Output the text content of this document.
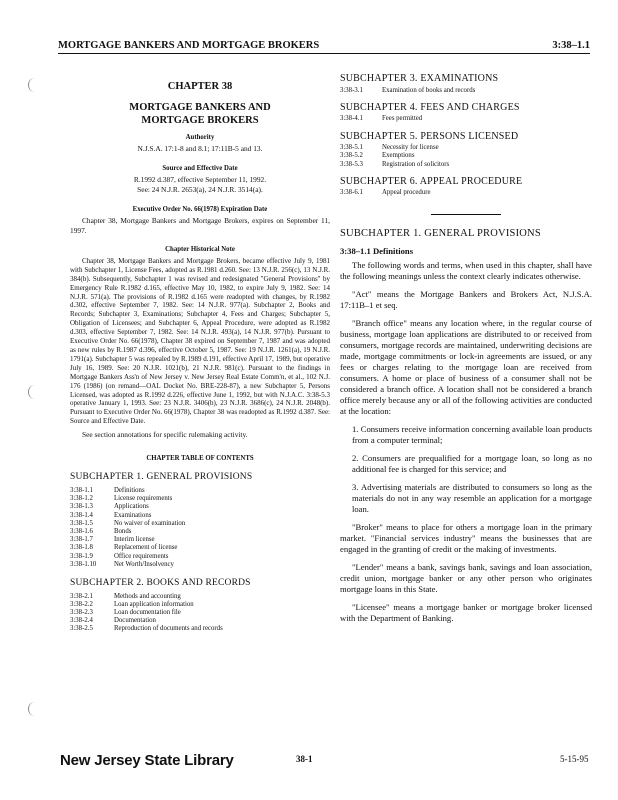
MORTGAGE BANKERS AND MORTGAGE BROKERS	3:38–1.1
CHAPTER 38
MORTGAGE BANKERS AND MORTGAGE BROKERS
Authority
N.J.S.A. 17:1-8 and 8.1; 17:11B-5 and 13.
Source and Effective Date
R.1992 d.387, effective September 11, 1992.
See: 24 N.J.R. 2653(a), 24 N.J.R. 3514(a).
Executive Order No. 66(1978) Expiration Date

Chapter 38, Mortgage Bankers and Mortgage Brokers, expires on September 11, 1997.

Chapter Historical Note

Chapter 38, Mortgage Bankers and Mortgage Brokers, became effective July 9, 1981 with Subchapter 1, License Fees, adopted as R.1981 d.260. See: 13 N.J.R. 256(c), 13 N.J.R. 384(b). Subsequently, Subchapter 1 was revised and redesignated "General Provisions" by Emergency Rule R.1982 d.165, effective May 10, 1982, to expire July 9, 1982. See: 14 N.J.R. 571(a). The provisions of R.1982 d.165 were readopted with changes, by R.1982 d.302, effective September 7, 1982. See: 14 N.J.R. 977(a). Subchapter 2, Books and Records; Subchapter 3, Examinations; Subchapter 4, Fees and Charges; Subchapter 5, Obligation of Licensees; and Subchapter 6, Appeal Procedure, were adopted as R.1982 d.303, effective September 7, 1982. See: 14 N.J.R. 493(a), 14 N.J.R. 977(b). Pursuant to Executive Order No. 66(1978), Chapter 38 expired on September 7, 1987 and was adopted as new rules by R.1987 d.396, effective October 5, 1987. See: 19 N.J.R. 1261(a), 19 N.J.R. 1791(a). Subchapter 5 was repealed by R.1989 d.191, effective April 17, 1989, but operative July 16, 1989. See: 20 N.J.R. 1021(b), 21 N.J.R. 981(c). Pursuant to the findings in Mortgage Bankers Ass'n of New Jersey v. New Jersey Real Estate Comm'n, et al., 102 N.J. 176 (1986) (on remand—OAL Docket No. BRE-228-87), a new Subchapter 5, Persons Licensed, was adopted as R.1992 d.226, effective June 1, 1992, but with N.J.A.C. 3:38-5.3 operative January 1, 1993. See: 23 N.J.R. 3406(b), 23 N.J.R. 3686(c), 24 N.J.R. 2048(b). Pursuant to Executive Order No. 66(1978), Chapter 38 was readopted as R.1992 d.387. See: Source and Effective Date.

See section annotations for specific rulemaking activity.

CHAPTER TABLE OF CONTENTS
SUBCHAPTER 1. GENERAL PROVISIONS
3:38-1.1	Definitions
3:38-1.2	License requirements
3:38-1.3	Applications
3:38-1.4	Examinations
3:38-1.5	No waiver of examination
3:38-1.6	Bonds
3:38-1.7	Interim license
3:38-1.8	Replacement of license
3:38-1.9	Office requirements
3:38-1.10	Net Worth/Insolvency
SUBCHAPTER 2. BOOKS AND RECORDS
3:38-2.1	Methods and accounting
3:38-2.2	Loan application information
3:38-2.3	Loan documentation file
3:38-2.4	Documentation
3:38-2.5	Reproduction of documents and records
SUBCHAPTER 3. EXAMINATIONS
3:38-3.1	Examination of books and records
SUBCHAPTER 4. FEES AND CHARGES
3:38-4.1	Fees permitted
SUBCHAPTER 5. PERSONS LICENSED
3:38-5.1	Necessity for license
3:38-5.2	Exemptions
3:38-5.3	Registration of solicitors
SUBCHAPTER 6. APPEAL PROCEDURE
3:38-6.1	Appeal procedure
SUBCHAPTER 1. GENERAL PROVISIONS
3:38–1.1 Definitions

The following words and terms, when used in this chapter, shall have the following meanings unless the context clearly indicates otherwise.

"Act" means the Mortgage Bankers and Brokers Act, N.J.S.A. 17:11B–1 et seq.

"Branch office" means any location where, in the regular course of business, mortgage loan applications are distributed to or received from consumers, mortgage records are maintained, underwriting decisions are made, mortgage commitments or lock-in agreements are issued, or any fees or charges relating to the mortgage loan are received from consumers. A home or place of business of a consumer shall not be considered a branch office. A location shall not be considered a branch office merely because any or all of the following activities are conducted at the location:

1. Consumers receive information concerning available loan products from a computer terminal;

2. Consumers are prequalified for a mortgage loan, so long as no additional fee is charged for this service; and

3. Advertising materials are distributed to consumers so long as the materials do not in any way resemble an application for a mortgage loan.

"Broker" means to place for others a mortgage loan in the primary market. "Financial services industry" means the businesses that are engaged in the granting of credit or the making of investments.

"Lender" means a bank, savings bank, savings and loan association, credit union, mortgage banker or any other person who originates mortgage loans in this State.

"Licensee" means a mortgage banker or mortgage broker licensed with the Department of Banking.

New Jersey State Library	38-1	5-15-95
